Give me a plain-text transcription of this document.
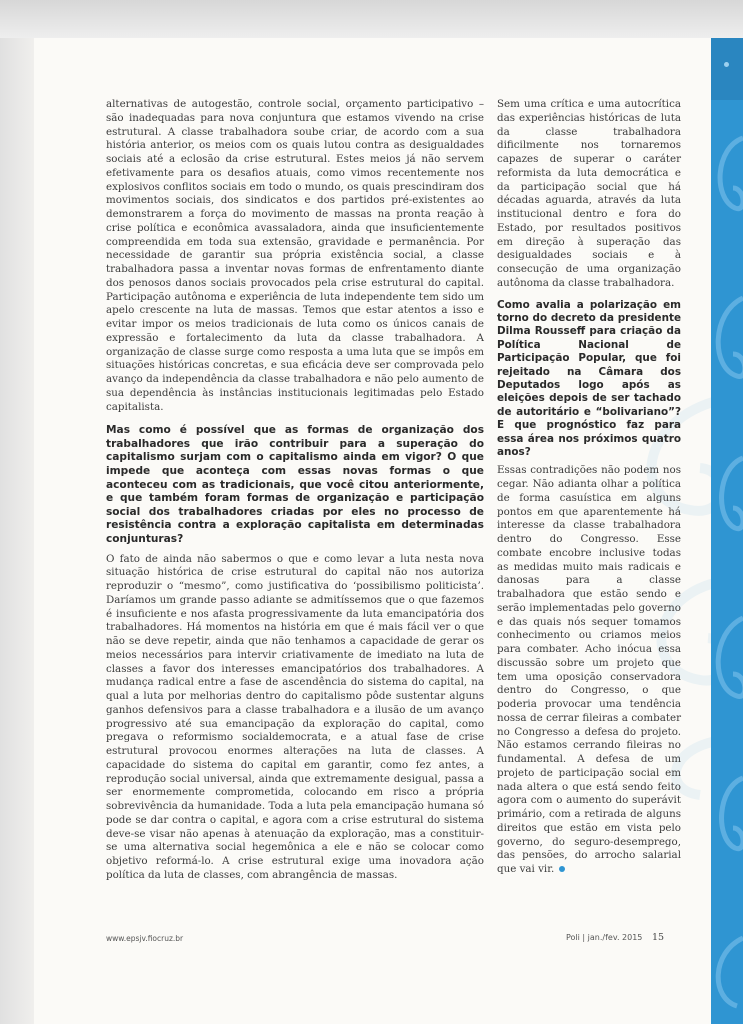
alternativas de autogestão, controle social, orçamento participativo – são inadequadas para nova conjuntura que estamos vivendo na crise estrutural. A classe trabalhadora soube criar, de acordo com a sua história anterior, os meios com os quais lutou contra as desigualdades sociais até a eclosão da crise estrutural. Estes meios já não servem efetivamente para os desafios atuais, como vimos recentemente nos explosivos conflitos sociais em todo o mundo, os quais prescindiram dos movimentos sociais, dos sindicatos e dos partidos pré-existentes ao demonstrarem a força do movimento de massas na pronta reação à crise política e econômica avassaladora, ainda que insuficientemente compreendida em toda sua extensão, gravidade e permanência. Por necessidade de garantir sua própria existência social, a classe trabalhadora passa a inventar novas formas de enfrentamento diante dos penosos danos sociais provocados pela crise estrutural do capital. Participação autônoma e experiência de luta independente tem sido um apelo crescente na luta de massas. Temos que estar atentos a isso e evitar impor os meios tradicionais de luta como os únicos canais de expressão e fortalecimento da luta da classe trabalhadora. A organização de classe surge como resposta a uma luta que se impôs em situações históricas concretas, e sua eficácia deve ser comprovada pelo avanço da independência da classe trabalhadora e não pelo aumento de sua dependência às instâncias institucionais legitimadas pelo Estado capitalista.

Mas como é possível que as formas de organização dos trabalhadores que irão contribuir para a superação do capitalismo surjam com o capitalismo ainda em vigor? O que impede que aconteça com essas novas formas o que aconteceu com as tradicionais, que você citou anteriormente, e que também foram formas de organização e participação social dos trabalhadores criadas por eles no processo de resistência contra a exploração capitalista em determinadas conjunturas?

O fato de ainda não sabermos o que e como levar a luta nesta nova situação histórica de crise estrutural do capital não nos autoriza reproduzir o “mesmo”, como justificativa do ‘possibilismo politicista’. Daríamos um grande passo adiante se admitíssemos que o que fazemos é insuficiente e nos afasta progressivamente da luta emancipatória dos trabalhadores. Há momentos na história em que é mais fácil ver o que não se deve repetir, ainda que não tenhamos a capacidade de gerar os meios necessários para intervir criativamente de imediato na luta de classes a favor dos interesses emancipatórios dos trabalhadores. A mudança radical entre a fase de ascendência do sistema do capital, na qual a luta por melhorias dentro do capitalismo pôde sustentar alguns ganhos defensivos para a classe trabalhadora e a ilusão de um avanço progressivo até sua emancipação da exploração do capital, como pregava o reformismo socialdemocrata, e a atual fase de crise estrutural provocou enormes alterações na luta de classes. A capacidade do sistema do capital em garantir, como fez antes, a reprodução social universal, ainda que extremamente desigual, passa a ser enormemente comprometida, colocando em risco a própria sobrevivência da humanidade. Toda a luta pela emancipação humana só pode se dar contra o capital, e agora com a crise estrutural do sistema deve-se visar não apenas à atenuação da exploração, mas a constituir-se uma alternativa social hegemônica a ele e não se colocar como objetivo reformá-lo. A crise estrutural exige uma inovadora ação política da luta de classes, com abrangência de massas.

Sem uma crítica e uma autocrítica das experiências históricas de luta da classe trabalhadora dificilmente nos tornaremos capazes de superar o caráter reformista da luta democrática e da participação social que há décadas aguarda, através da luta institucional dentro e fora do Estado, por resultados positivos em direção à superação das desigualdades sociais e à consecução de uma organização autônoma da classe trabalhadora.

Como avalia a polarização em torno do decreto da presidente Dilma Rousseff para criação da Política Nacional de Participação Popular, que foi rejeitado na Câmara dos Deputados logo após as eleições depois de ser tachado de autoritário e “bolivariano”? E que prognóstico faz para essa área nos próximos quatro anos?

Essas contradições não podem nos cegar. Não adianta olhar a política de forma casuística em alguns pontos em que aparentemente há interesse da classe trabalhadora dentro do Congresso. Esse combate encobre inclusive todas as medidas muito mais radicais e danosas para a classe trabalhadora que estão sendo e serão implementadas pelo governo e das quais nós sequer tomamos conhecimento ou criamos meios para combater. Acho inócua essa discussão sobre um projeto que tem uma oposição conservadora dentro do Congresso, o que poderia provocar uma tendência nossa de cerrar fileiras a combater no Congresso a defesa do projeto. Não estamos cerrando fileiras no fundamental. A defesa de um projeto de participação social em nada altera o que está sendo feito agora com o aumento do superávit primário, com a retirada de alguns direitos que estão em vista pelo governo, do seguro-desemprego, das pensões, do arrocho salarial que vai vir.

www.epsjv.fiocruz.br	Poli | jan./fev. 2015 15
